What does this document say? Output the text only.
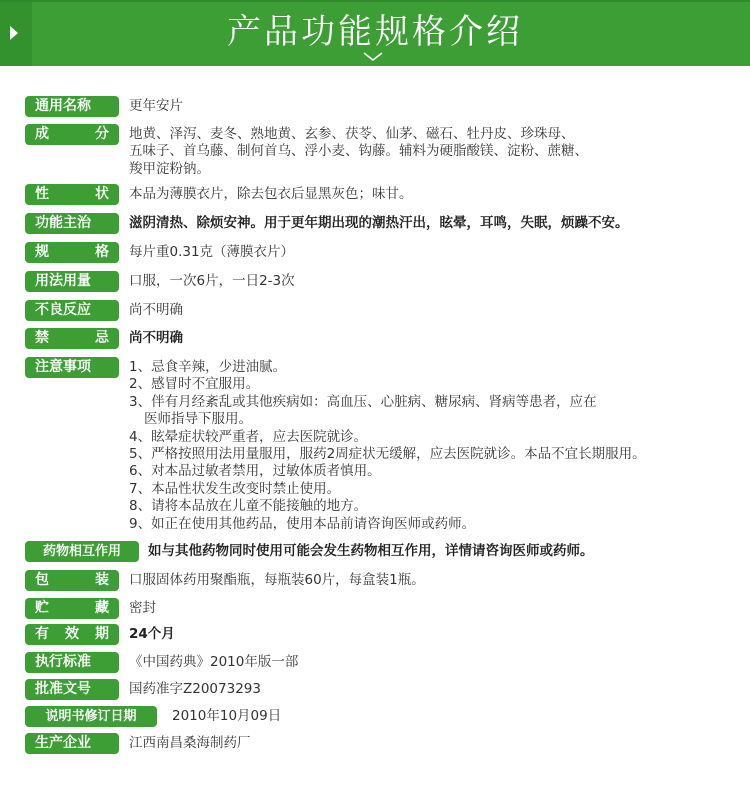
产品功能规格介绍
通用名称	更年安片
成	分 地黄、泽泻、麦冬、熟地黄、玄参、茯苓、仙茅、磁石、牡丹皮、珍珠母、
五味子、首乌藤、制何首乌、浮小麦、钩藤。辅料为硬脂酸镁、淀粉、蔗糖、
羧甲淀粉钠。
性	状 本品为薄膜衣片，除去包衣后显黑灰色；味甘。
功能主治	滋阴清热、除烦安神。用于更年期出现的潮热汗出，眩晕，耳鸣，失眠，烦躁不安。
规	格 每片重0.31克（薄膜衣片）
用法用量	口服，一次6片，一日2-3次
不良反应	尚不明确
禁	忌 尚不明确
注意事项	1、忌食辛辣，少进油腻。
2、感冒时不宜服用。
3、伴有月经紊乱或其他疾病如：高血压、心脏病、糖尿病、肾病等患者，应在
医师指导下服用。
4、眩晕症状较严重者，应去医院就诊。
5、严格按照用法用量服用，服药2周症状无缓解，应去医院就诊。本品不宜长期服用。
6、对本品过敏者禁用，过敏体质者慎用。
7、本品性状发生改变时禁止使用。
8、请将本品放在儿童不能接触的地方。
9、如正在使用其他药品，使用本品前请咨询医师或药师。
药物相互作用 如与其他药物同时使用可能会发生药物相互作用，详情请咨询医师或药师。
包	装 口服固体药用聚酯瓶，每瓶装60片，每盒装1瓶。
贮	藏 密封
有 效 期 24个月
执行标准	《中国药典》2010年版一部
批准文号	国药准字Z20073293
说明书修订日期	2010年10月09日
生产企业	江西南昌桑海制药厂
